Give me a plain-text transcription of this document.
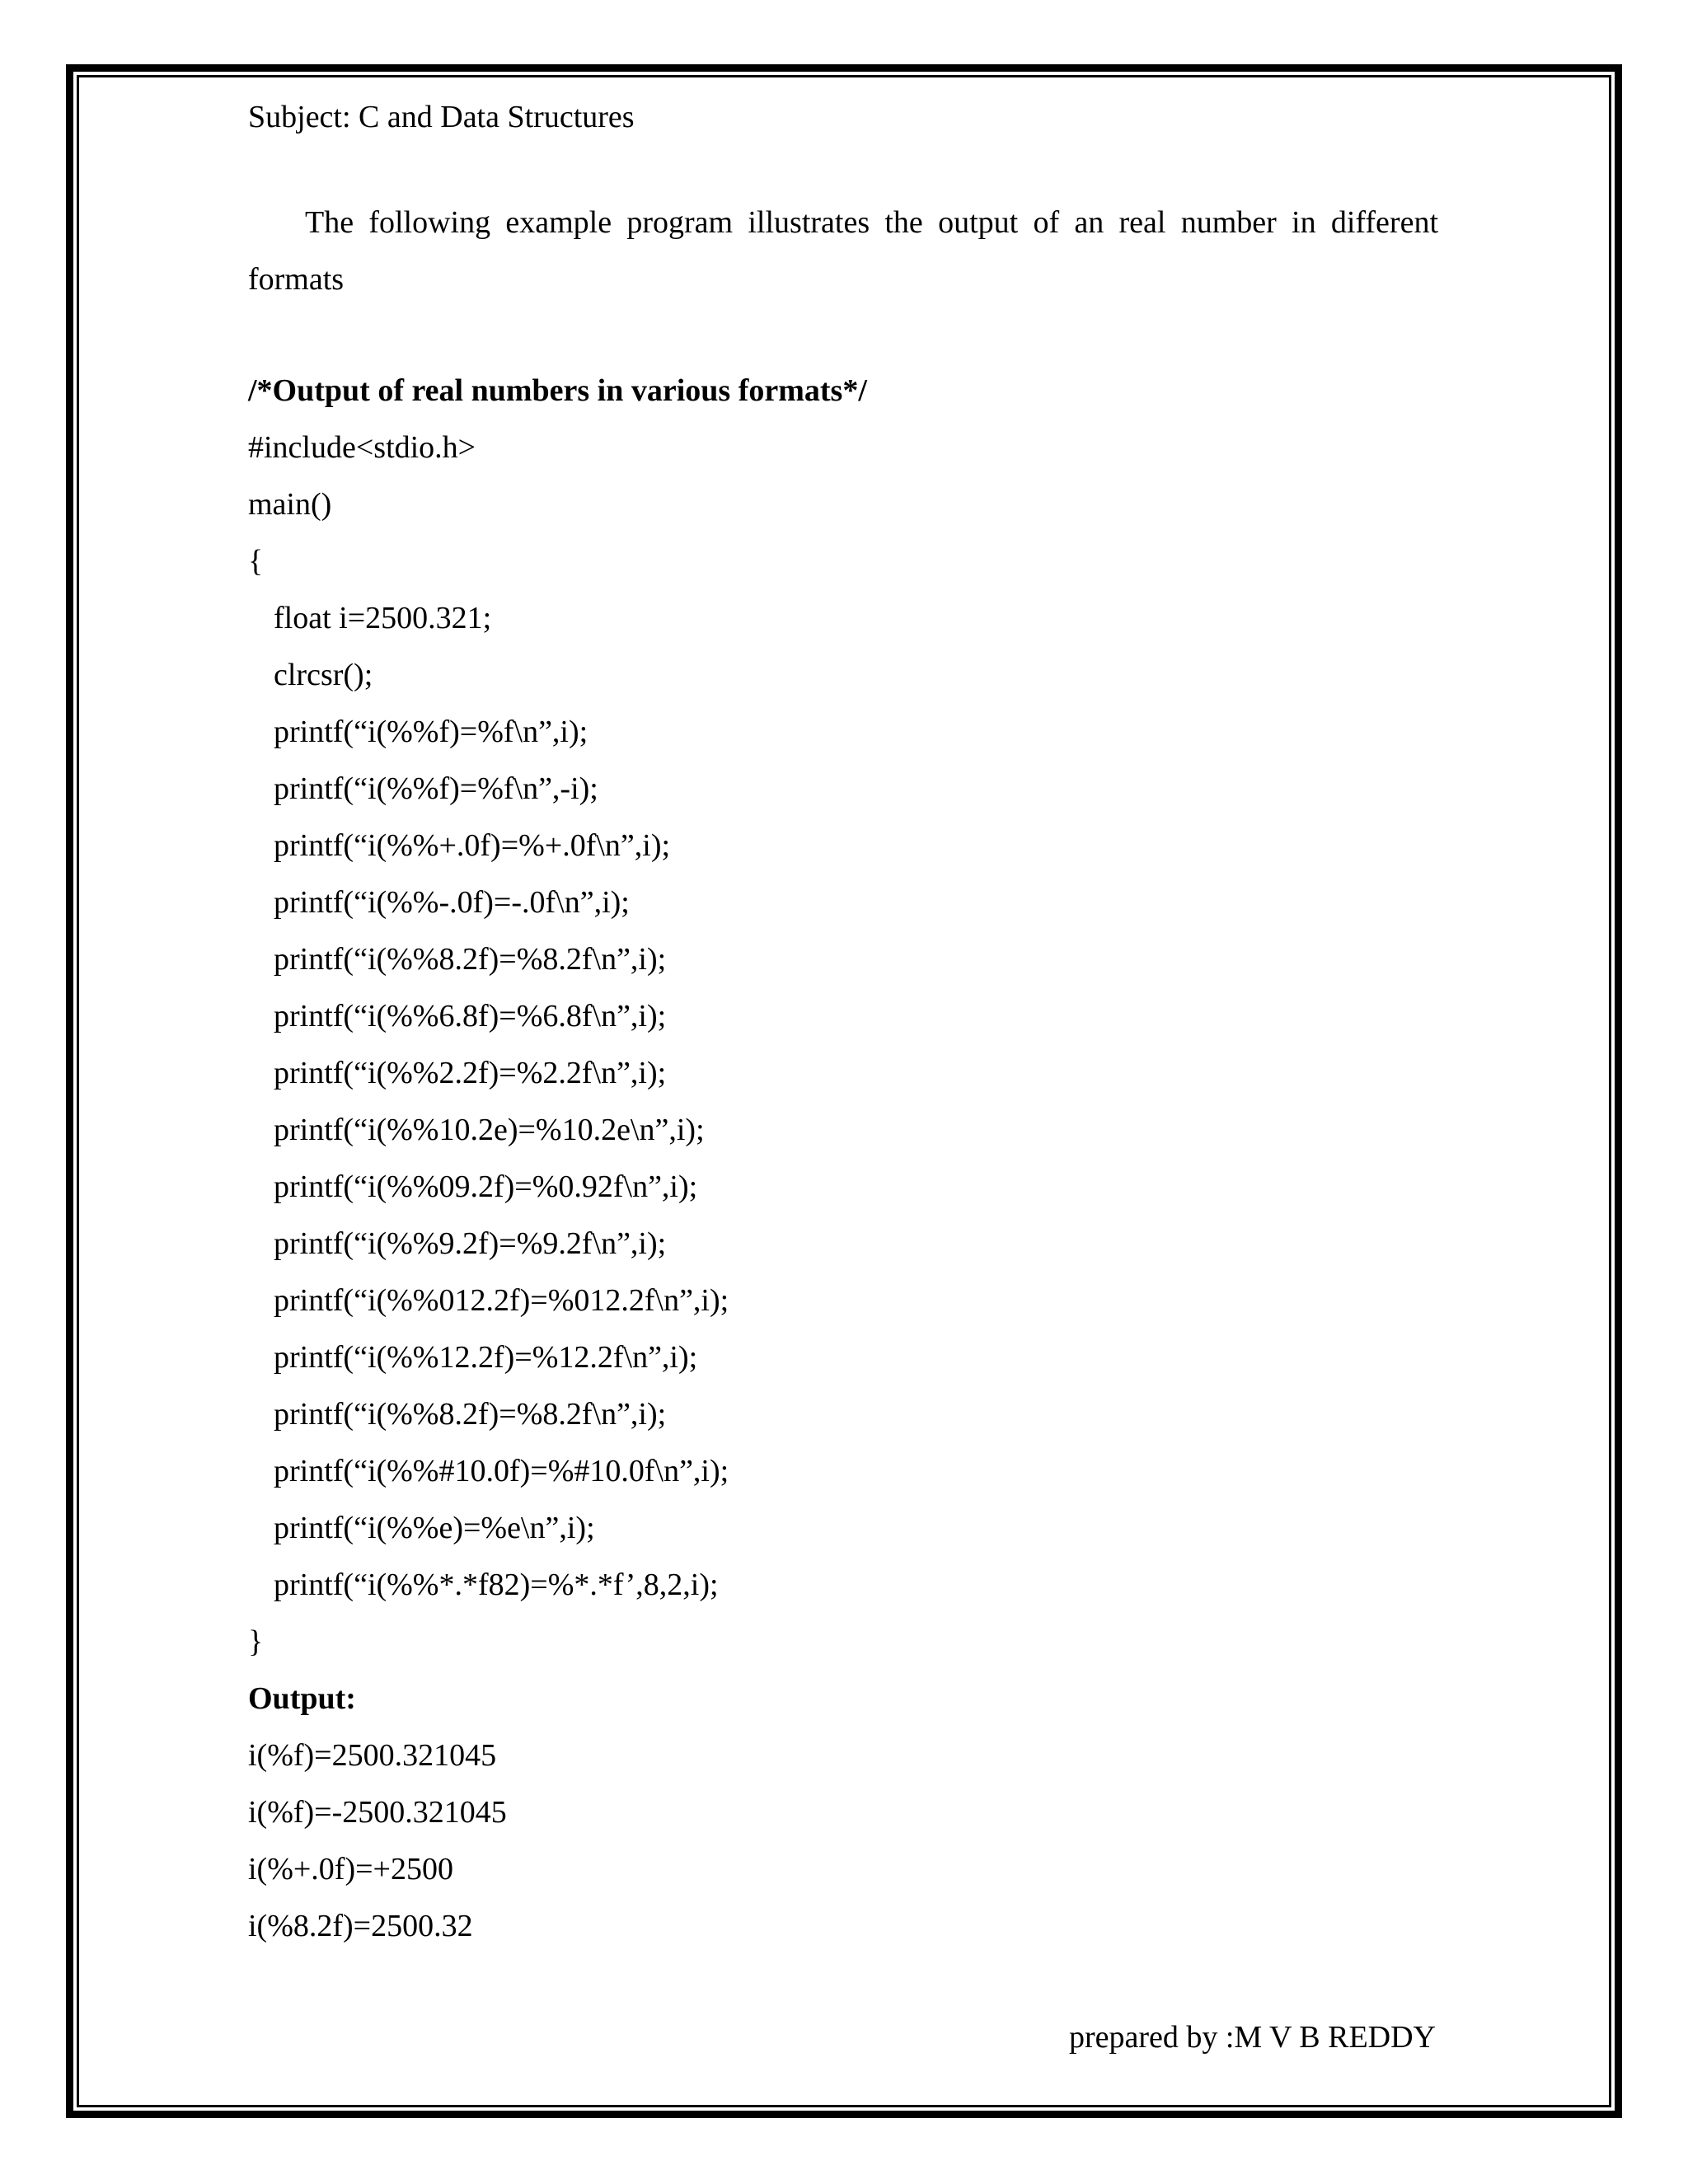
Subject: C and Data Structures

The following example program illustrates the output of an real number in different formats

/*Output of real numbers in various formats*/
#include<stdio.h>
main()
{
float i=2500.321;
clrcsr();
printf(“i(%%f)=%f\n”,i);
printf(“i(%%f)=%f\n”,-i);
printf(“i(%%+.0f)=%+.0f\n”,i);
printf(“i(%%-.0f)=-.0f\n”,i);
printf(“i(%%8.2f)=%8.2f\n”,i);
printf(“i(%%6.8f)=%6.8f\n”,i);
printf(“i(%%2.2f)=%2.2f\n”,i);
printf(“i(%%10.2e)=%10.2e\n”,i);
printf(“i(%%09.2f)=%0.92f\n”,i);
printf(“i(%%9.2f)=%9.2f\n”,i);
printf(“i(%%012.2f)=%012.2f\n”,i);
printf(“i(%%12.2f)=%12.2f\n”,i);
printf(“i(%%8.2f)=%8.2f\n”,i);
printf(“i(%%#10.0f)=%#10.0f\n”,i);
printf(“i(%%e)=%e\n”,i);
printf(“i(%%*.*f82)=%*.*f’,8,2,i);
}
Output:
i(%f)=2500.321045
i(%f)=-2500.321045
i(%+.0f)=+2500
i(%8.2f)=2500.32
prepared by :M V B REDDY
